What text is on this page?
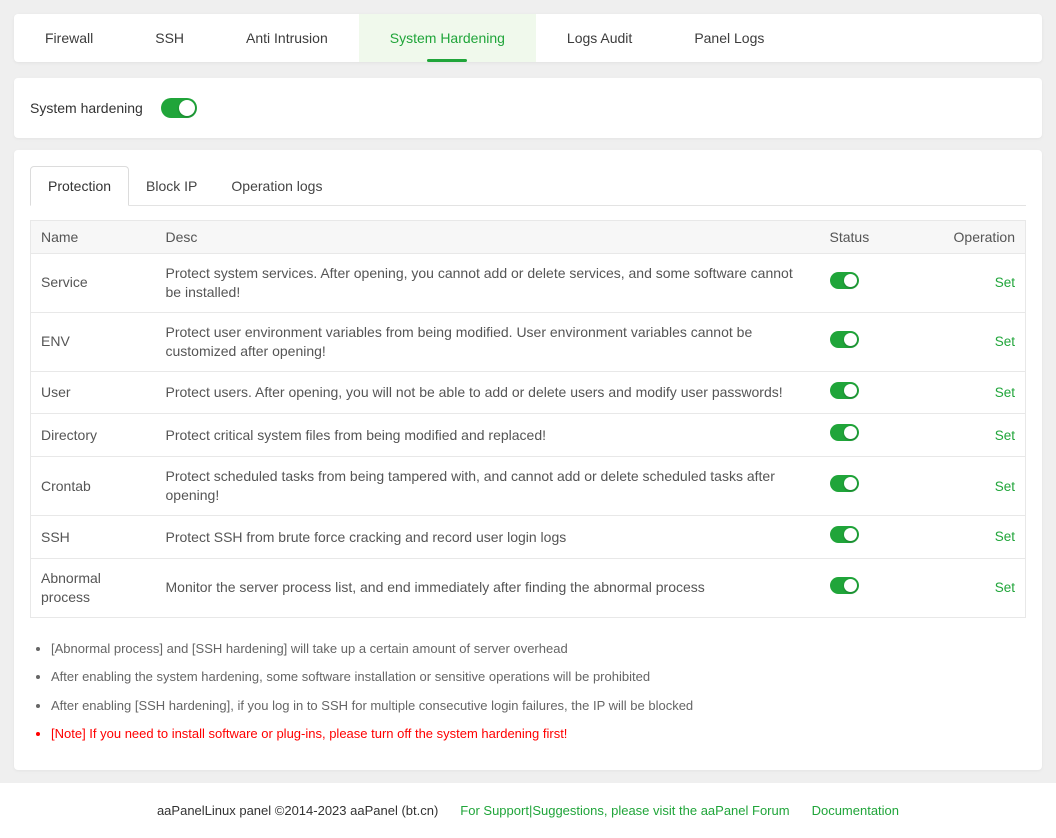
Firewall	SSH	Anti Intrusion	System Hardening	Logs Audit	Panel Logs
System hardening
Protection	Block IP	Operation logs
Name	Desc	Status	Operation
Service	Protect system services. After opening, you cannot add or delete services, and some software cannot be installed!		Set
ENV	Protect user environment variables from being modified. User environment variables cannot be customized after opening!		Set
User	Protect users. After opening, you will not be able to add or delete users and modify user passwords!		Set
Directory	Protect critical system files from being modified and replaced!		Set
Crontab	Protect scheduled tasks from being tampered with, and cannot add or delete scheduled tasks after opening!		Set
SSH	Protect SSH from brute force cracking and record user login logs		Set
Abnormal process	Monitor the server process list, and end immediately after finding the abnormal process		Set
• [Abnormal process] and [SSH hardening] will take up a certain amount of server overhead
• After enabling the system hardening, some software installation or sensitive operations will be prohibited
• After enabling [SSH hardening], if you log in to SSH for multiple consecutive login failures, the IP will be blocked
• [Note] If you need to install software or plug-ins, please turn off the system hardening first!
aaPanelLinux panel ©2014-2023 aaPanel (bt.cn) For Support|Suggestions, please visit the aaPanel Forum Documentation
